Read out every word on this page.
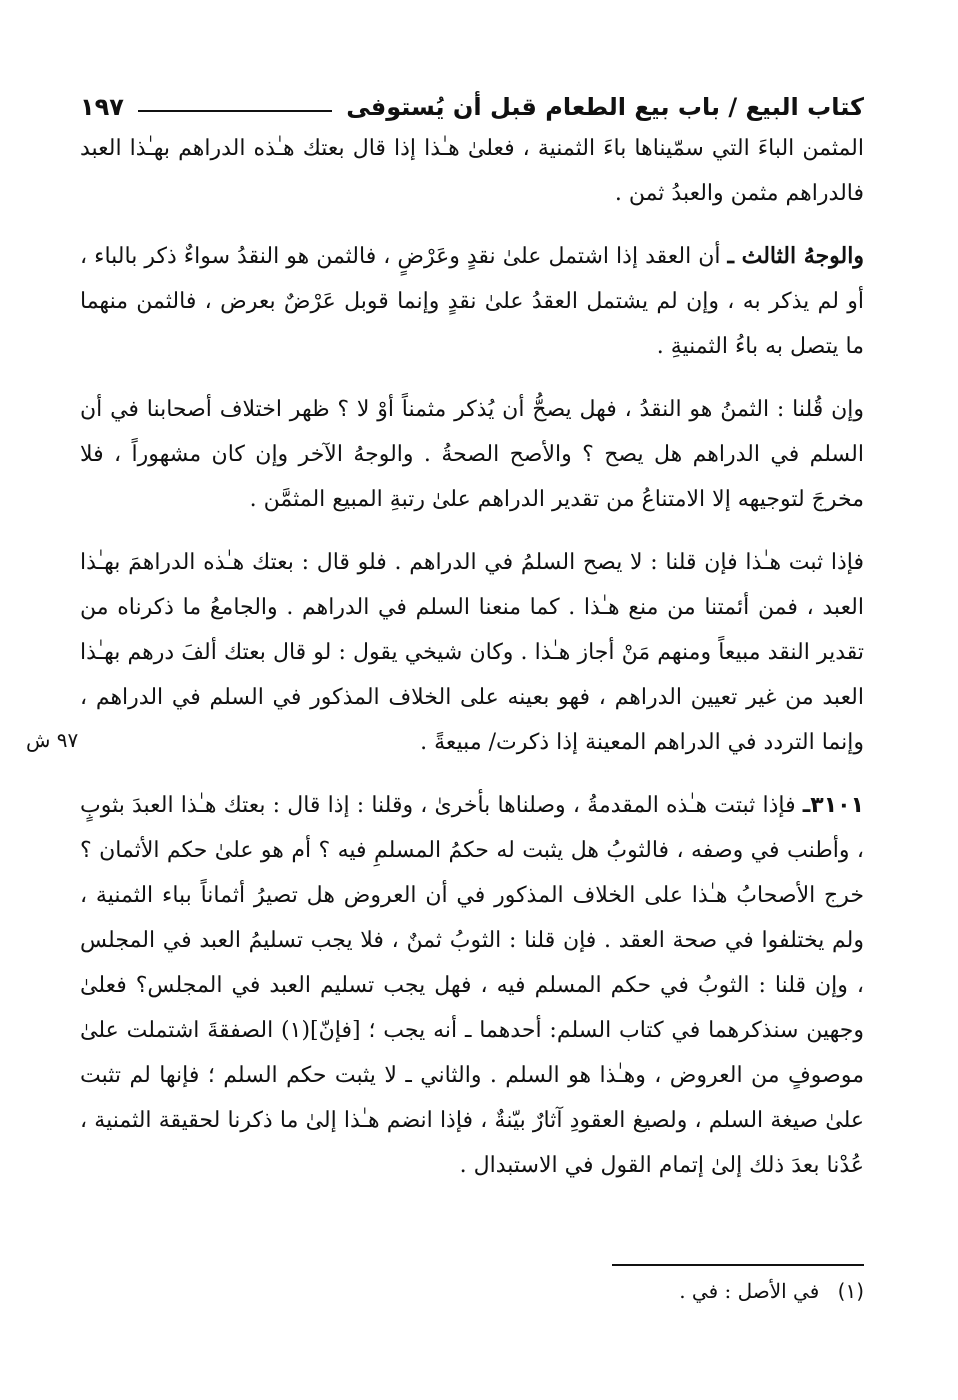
كتاب البيع / باب بيع الطعام قبل أن يُستوفى
١٩٧

المثمن الباءَ التي سمّيناها باءَ الثمنية ، فعلىٰ هـٰذا إذا قال بعتك هـٰذه الدراهم بهـٰذا العبد فالدراهم مثمن والعبدُ ثمن .

والوجهُ الثالث ـ أن العقد إذا اشتمل علىٰ نقدٍ وعَرْضٍ ، فالثمن هو النقدُ سواءٌ ذكر بالباء ، أو لم يذكر به ، وإن لم يشتمل العقدُ علىٰ نقدٍ وإنما قوبل عَرْضٌ بعرض ، فالثمن منهما ما يتصل به باءُ الثمنيةِ .

وإن قُلنا : الثمنُ هو النقدُ ، فهل يصحُّ أن يُذكر مثمناً أوْ لا ؟ ظهر اختلاف أصحابنا في أن السلم في الدراهم هل يصح ؟ والأصح الصحةُ . والوجهُ الآخر وإن كان مشهوراً ، فلا مخرجَ لتوجيهه إلا الامتناعُ من تقدير الدراهم علىٰ رتبةِ المبيع المثمَّن .

فإذا ثبت هـٰذا فإن قلنا : لا يصح السلمُ في الدراهم . فلو قال : بعتك هـٰذه الدراهمَ بهـٰذا العبد ، فمن أئمتنا من منع هـٰذا . كما منعنا السلم في الدراهم . والجامعُ ما ذكرناه من تقدير النقد مبيعاً ومنهم مَنْ أجاز هـٰذا . وكان شيخي يقول : لو قال بعتك ألفَ درهم بهـٰذا العبد من غير تعيين الدراهم ، فهو بعينه على الخلاف المذكور في السلم في الدراهم ، وإنما التردد في الدراهم المعينة إذا ذكرت/ مبيعةً .

٣١٠١ـ فإذا ثبتت هـٰذه المقدمةُ ، وصلناها بأخرىٰ ، وقلنا : إذا قال : بعتك هـٰذا العبدَ بثوبٍ ، وأطنب في وصفه ، فالثوبُ هل يثبت له حكمُ المسلمِ فيه ؟ أم هو علىٰ حكم الأثمان ؟ خرج الأصحابُ هـٰذا على الخلاف المذكور في أن العروض هل تصيرُ أثماناً بباء الثمنية ، ولم يختلفوا في صحة العقد . فإن قلنا : الثوبُ ثمنٌ ، فلا يجب تسليمُ العبد في المجلس ، وإن قلنا : الثوبُ في حكم المسلم فيه ، فهل يجب تسليم العبد في المجلس؟ فعلىٰ وجهين سنذكرهما في كتاب السلم: أحدهما ـ أنه يجب ؛ [فإنّ](١) الصفقةَ اشتملت علىٰ موصوفٍ من العروض ، وهـٰذا هو السلم . والثاني ـ لا يثبت حكم السلم ؛ فإنها لم تثبت علىٰ صيغة السلم ، ولصيغ العقودِ آثارٌ بيّنةٌ ، فإذا انضم هـٰذا إلىٰ ما ذكرنا لحقيقة الثمنية ، عُدْنا بعدَ ذلك إلىٰ إتمام القول في الاستبدال .

٩٧ ش
(١) في الأصل : في .
